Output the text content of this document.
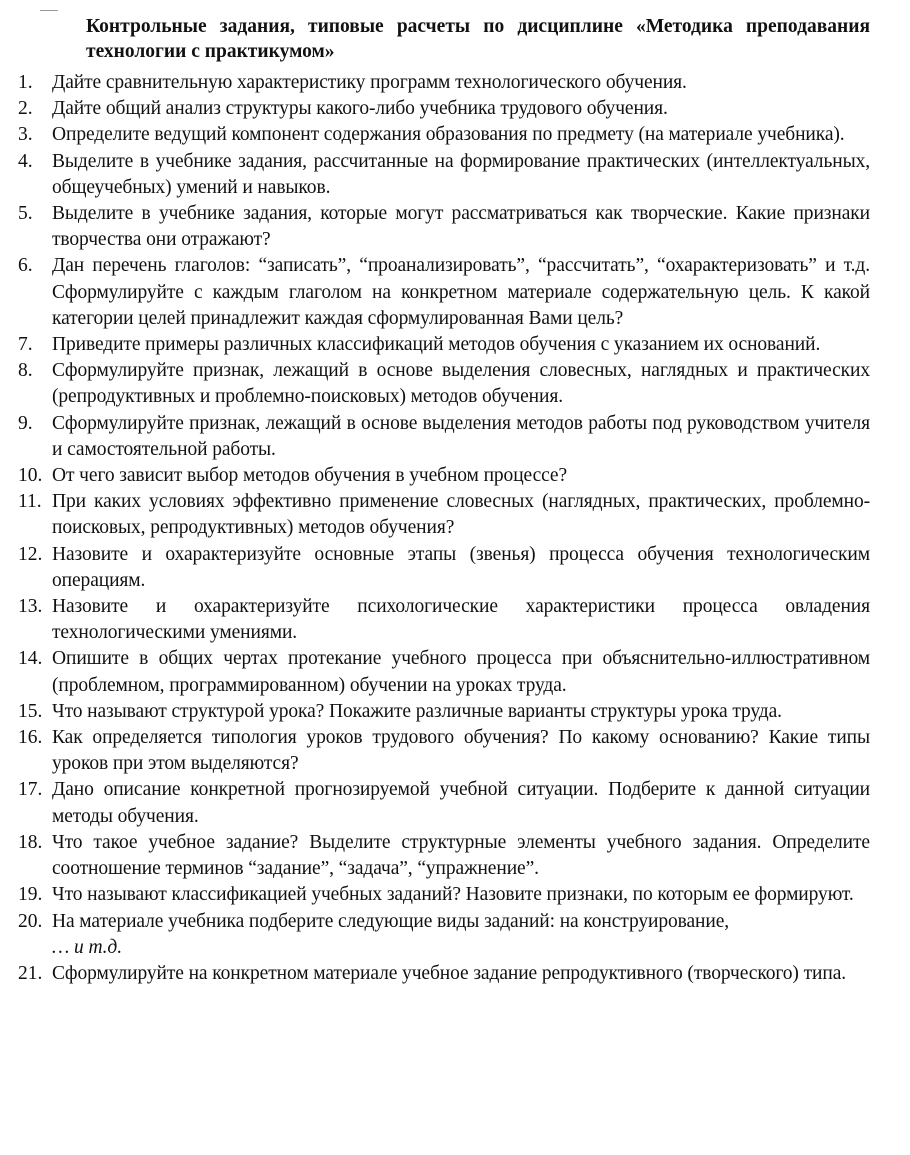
Контрольные задания, типовые расчеты по дисциплине «Методика преподавания технологии с практикумом»
1. Дайте сравнительную характеристику программ технологического обучения.
2. Дайте общий анализ структуры какого-либо учебника трудового обучения.
3. Определите ведущий компонент содержания образования по предмету (на материале учебника).
4. Выделите в учебнике задания, рассчитанные на формирование практических (интеллектуальных, общеучебных) умений и навыков.
5. Выделите в учебнике задания, которые могут рассматриваться как творческие. Какие признаки творчества они отражают?
6. Дан перечень глаголов: “записать”, “проанализировать”, “рассчитать”, “охарактеризовать” и т.д. Сформулируйте с каждым глаголом на конкретном материале содержательную цель. К какой категории целей принадлежит каждая сформулированная Вами цель?
7. Приведите примеры различных классификаций методов обучения с указанием их оснований.
8. Сформулируйте признак, лежащий в основе выделения словесных, наглядных и практических (репродуктивных и проблемно-поисковых) методов обучения.
9. Сформулируйте признак, лежащий в основе выделения методов работы под руководством учителя и самостоятельной работы.
10. От чего зависит выбор методов обучения в учебном процессе?
11. При каких условиях эффективно применение словесных (наглядных, практических, проблемно-поисковых, репродуктивных) методов обучения?
12. Назовите и охарактеризуйте основные этапы (звенья) процесса обучения технологическим операциям.
13. Назовите и охарактеризуйте психологические характеристики процесса овладения технологическими умениями.
14. Опишите в общих чертах протекание учебного процесса при объяснительно-иллюстративном (проблемном, программированном) обучении на уроках труда.
15. Что называют структурой урока? Покажите различные варианты структуры урока труда.
16. Как определяется типология уроков трудового обучения? По какому основанию? Какие типы уроков при этом выделяются?
17. Дано описание конкретной прогнозируемой учебной ситуации. Подберите к данной ситуации методы обучения.
18. Что такое учебное задание? Выделите структурные элементы учебного задания. Определите соотношение терминов “задание”, “задача”, “упражнение”.
19. Что называют классификацией учебных заданий? Назовите признаки, по которым ее формируют.
20. На материале учебника подберите следующие виды заданий: на конструирование,
… и т.д.
21. Сформулируйте на конкретном материале учебное задание репродуктивного (творческого) типа.
